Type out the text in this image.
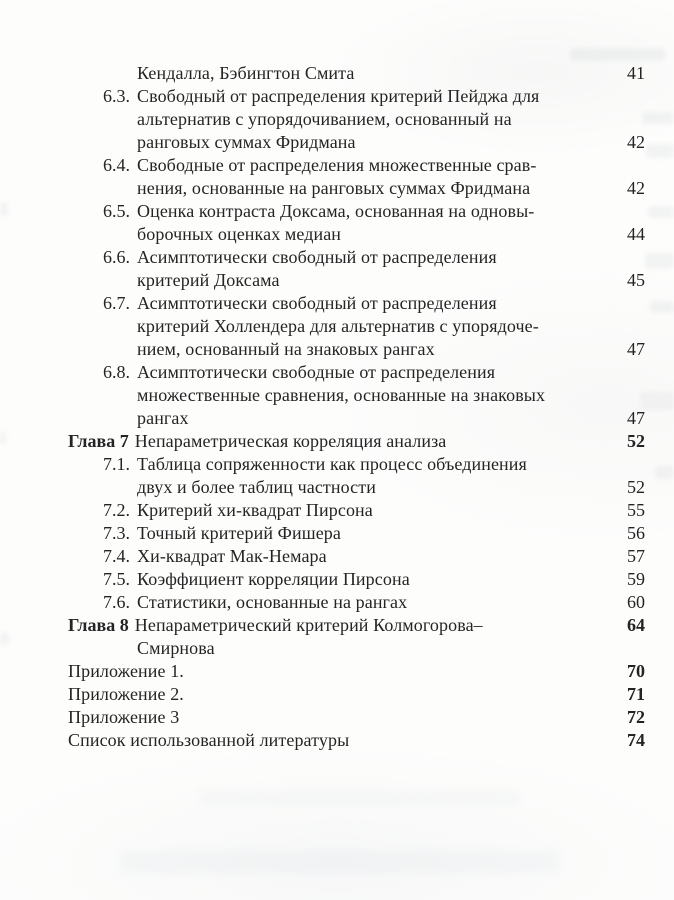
Кендалла, Бэбингтон Смита	41
6.3. Свободный от распределения критерий Пейджа для
альтернатив с упорядочиванием, основанный на
ранговых суммах Фридмана	42
6.4. Свободные от распределения множественные срав-
нения, основанные на ранговых суммах Фридмана	42
6.5. Оценка контраста Доксама, основанная на одновы-
борочных оценках медиан	44
6.6. Асимптотически свободный от распределения
критерий Доксама	45
6.7. Асимптотически свободный от распределения
критерий Холлендера для альтернатив с упорядоче-
нием, основанный на знаковых рангах	47
6.8. Асимптотически свободные от распределения
множественные сравнения, основанные на знаковых
рангах	47
Глава 7 Непараметрическая корреляция анализа	52
7.1. Таблица сопряженности как процесс объединения
двух и более таблиц частности	52
7.2. Критерий хи-квадрат Пирсона	55
7.3. Точный критерий Фишера	56
7.4. Хи-квадрат Мак-Немара	57
7.5. Коэффициент корреляции Пирсона	59
7.6. Статистики, основанные на рангах	60
Глава 8 Непараметрический критерий Колмогорова–	64
Смирнова
Приложение 1.	70
Приложение 2.	71
Приложение 3	72
Список использованной литературы	74
